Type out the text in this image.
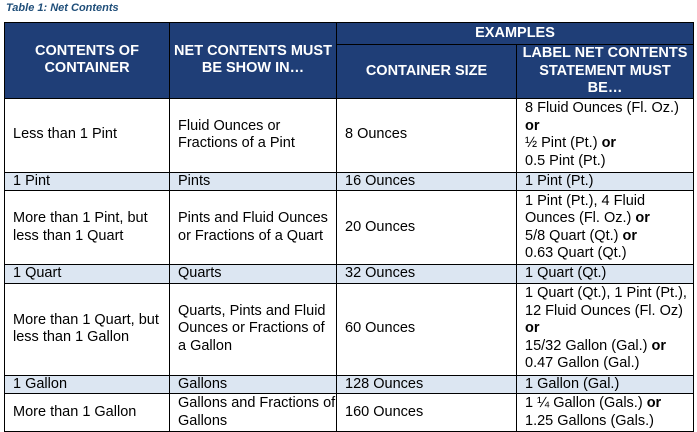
Table 1: Net Contents
CONTENTS OF CONTAINER	NET CONTENTS MUST BE SHOW IN…	EXAMPLES	
		CONTAINER SIZE	LABEL NET CONTENTS STATEMENT MUST BE…
Less than 1 Pint	Fluid Ounces or Fractions of a Pint	8 Ounces	8 Fluid Ounces (Fl. Oz.) or
½ Pint (Pt.) or
0.5 Pint (Pt.)
1 Pint	Pints	16 Ounces	1 Pint (Pt.)
More than 1 Pint, but less than 1 Quart	Pints and Fluid Ounces or Fractions of a Quart	20 Ounces	1 Pint (Pt.), 4 Fluid Ounces (Fl. Oz.) or
5/8 Quart (Qt.) or
0.63 Quart (Qt.)
1 Quart	Quarts	32 Ounces	1 Quart (Qt.)
More than 1 Quart, but less than 1 Gallon	Quarts, Pints and Fluid Ounces or Fractions of a Gallon	60 Ounces	1 Quart (Qt.), 1 Pint (Pt.), 12 Fluid Ounces (Fl. Oz) or
15/32 Gallon (Gal.) or
0.47 Gallon (Gal.)
1 Gallon	Gallons	128 Ounces	1 Gallon (Gal.)
More than 1 Gallon	Gallons and Fractions of Gallons	160 Ounces	1 ¼ Gallon (Gals.) or
1.25 Gallons (Gals.)
